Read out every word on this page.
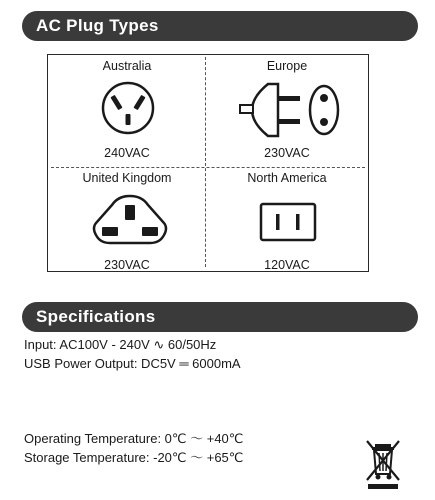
AC Plug Types
Australia
240VAC
Europe
230VAC
United Kingdom
230VAC
North America
120VAC
Specifications
Input: AC100V - 240V ∿ 60/50Hz
USB Power Output: DC5V ═ 6000mA
Operating Temperature: 0℃ ～ +40℃
Storage Temperature: -20℃ ～ +65℃
